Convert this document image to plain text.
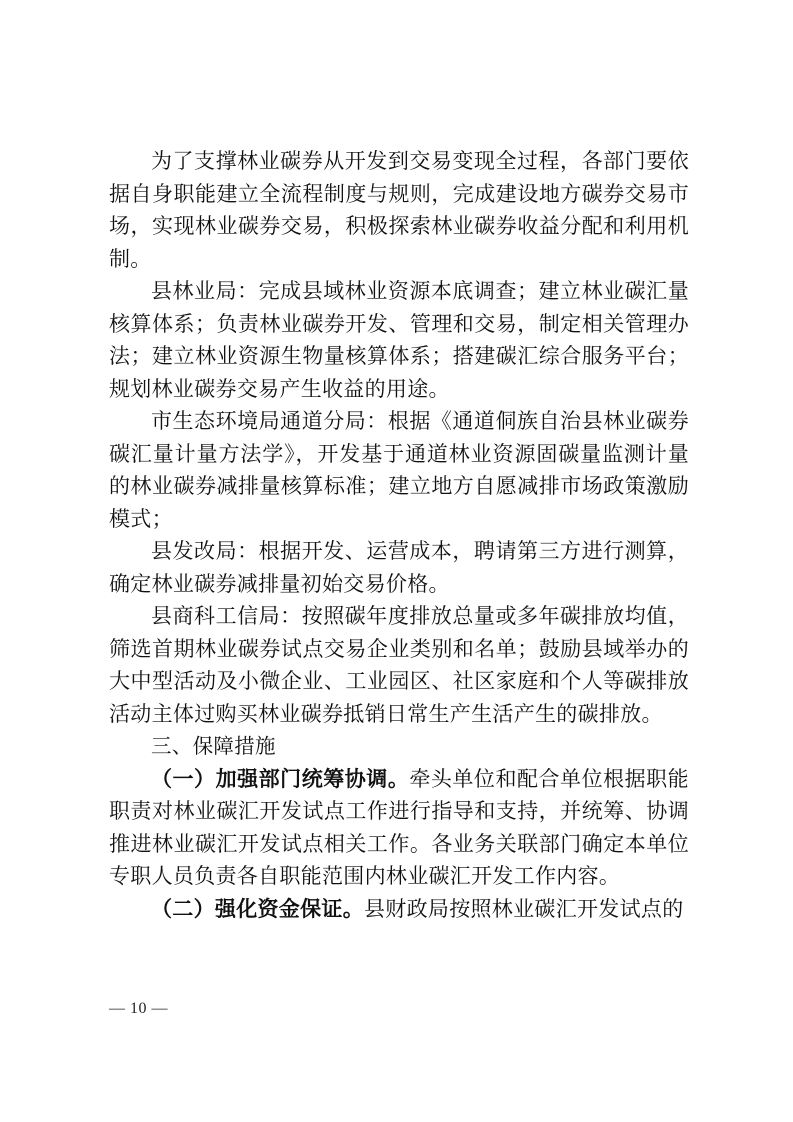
为了支撑林业碳券从开发到交易变现全过程，各部门要依据自身职能建立全流程制度与规则，完成建设地方碳券交易市场，实现林业碳券交易，积极探索林业碳券收益分配和利用机制。

县林业局：完成县域林业资源本底调查；建立林业碳汇量核算体系；负责林业碳券开发、管理和交易，制定相关管理办法；建立林业资源生物量核算体系；搭建碳汇综合服务平台；规划林业碳券交易产生收益的用途。

市生态环境局通道分局：根据《通道侗族自治县林业碳券碳汇量计量方法学》，开发基于通道林业资源固碳量监测计量的林业碳券减排量核算标准；建立地方自愿减排市场政策激励模式；

县发改局：根据开发、运营成本，聘请第三方进行测算，确定林业碳券减排量初始交易价格。

县商科工信局：按照碳年度排放总量或多年碳排放均值，筛选首期林业碳券试点交易企业类别和名单；鼓励县域举办的大中型活动及小微企业、工业园区、社区家庭和个人等碳排放活动主体过购买林业碳券抵销日常生产生活产生的碳排放。

三、保障措施

（一）加强部门统筹协调。牵头单位和配合单位根据职能职责对林业碳汇开发试点工作进行指导和支持，并统筹、协调推进林业碳汇开发试点相关工作。各业务关联部门确定本单位专职人员负责各自职能范围内林业碳汇开发工作内容。

（二）强化资金保证。县财政局按照林业碳汇开发试点的

— 10 —
